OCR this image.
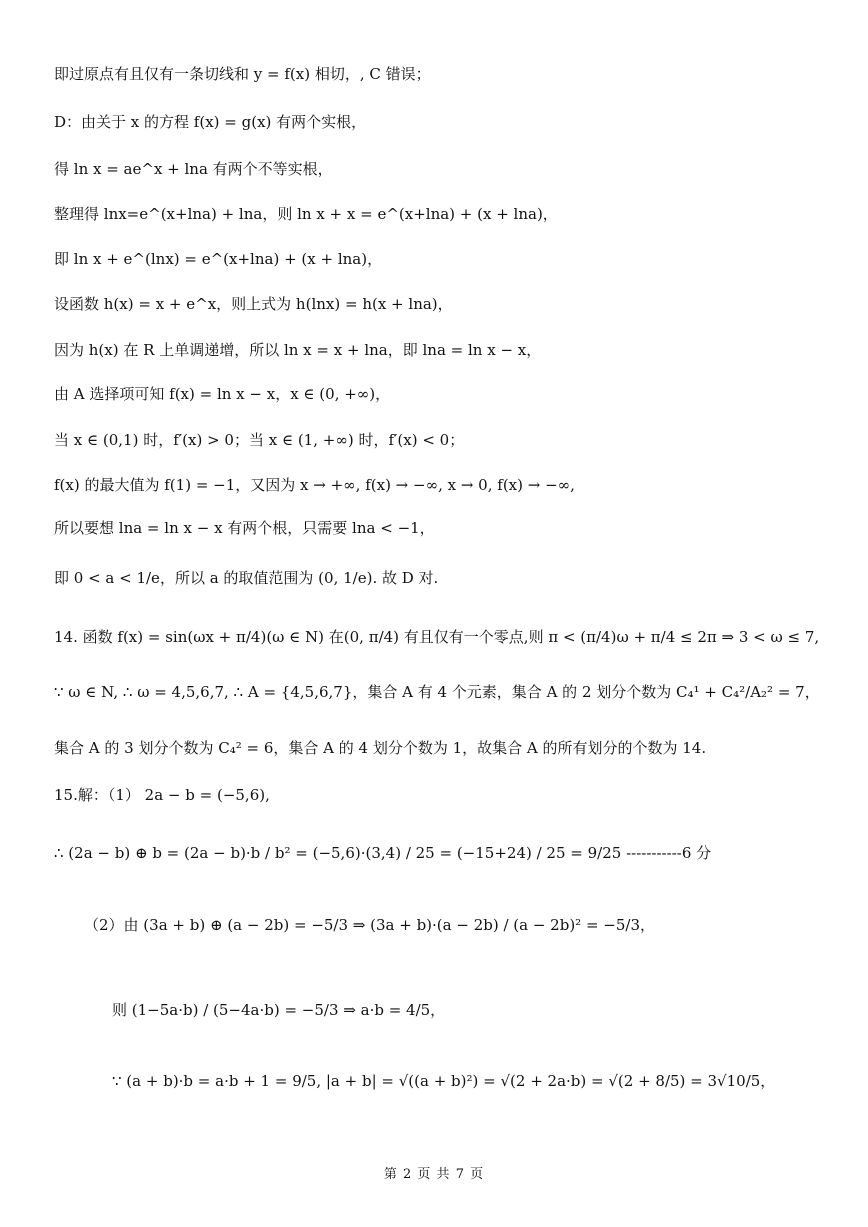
即过原点有且仅有一条切线和 y = f(x) 相切，, C 错误；
D：由关于 x 的方程 f(x) = g(x) 有两个实根，
得 ln x = ae^x + lna 有两个不等实根，
整理得 lnx=e^(x+lna) + lna，则 ln x + x = e^(x+lna) + (x + lna)，
即 ln x + e^(lnx) = e^(x+lna) + (x + lna)，
设函数 h(x) = x + e^x，则上式为 h(lnx) = h(x + lna)，
因为 h(x) 在 R 上单调递增，所以 ln x = x + lna，即 lna = ln x − x，
由 A 选择项可知 f(x) = ln x − x，x ∈ (0, +∞)，
当 x ∈ (0,1) 时，f′(x) > 0；当 x ∈ (1, +∞) 时，f′(x) < 0；
f(x) 的最大值为 f(1) = −1，又因为 x → +∞, f(x) → −∞, x → 0, f(x) → −∞,
所以要想 lna = ln x − x 有两个根，只需要 lna < −1，
即 0 < a < 1/e，所以 a 的取值范围为 (0, 1/e). 故 D 对.
14. 函数 f(x) = sin(ωx + π/4)(ω ∈ N) 在(0, π/4) 有且仅有一个零点,则 π < (π/4)ω + π/4 ≤ 2π ⇒ 3 < ω ≤ 7,
∵ ω ∈ N, ∴ ω = 4,5,6,7, ∴ A = {4,5,6,7}，集合 A 有 4 个元素，集合 A 的 2 划分个数为 C₄¹ + C₄²/A₂² = 7，
集合 A 的 3 划分个数为 C₄² = 6，集合 A 的 4 划分个数为 1，故集合 A 的所有划分的个数为 14.
15.解：（1） 2a − b = (−5,6),
∴ (2a − b) ⊕ b = (2a − b)·b / b² = (−5,6)·(3,4) / 25 = (−15+24) / 25 = 9/25 -----------6 分
（2）由 (3a + b) ⊕ (a − 2b) = −5/3 ⇒ (3a + b)·(a − 2b) / (a − 2b)² = −5/3，
则 (1−5a·b) / (5−4a·b) = −5/3 ⇒ a·b = 4/5，
∵ (a + b)·b = a·b + 1 = 9/5, |a + b| = √((a + b)²) = √(2 + 2a·b) = √(2 + 8/5) = 3√10/5，
第 2 页 共 7 页
